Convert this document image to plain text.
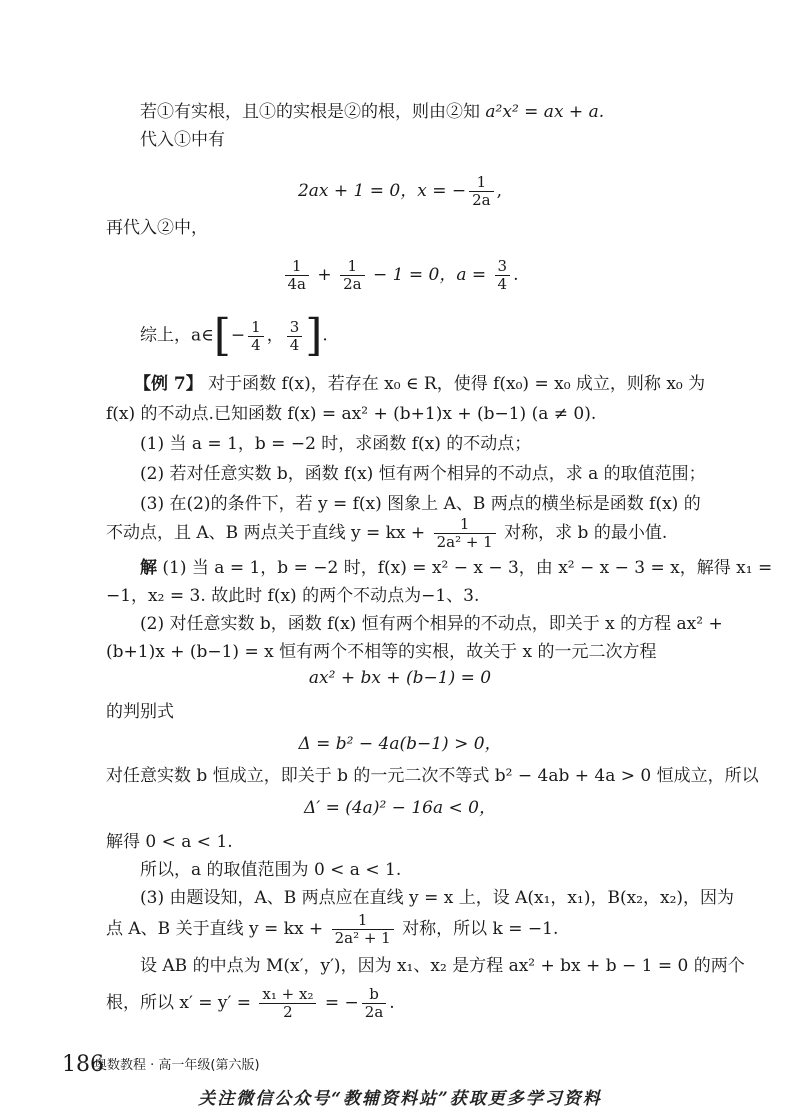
若①有实根，且①的实根是②的根，则由②知 a²x² = ax + a.
代入①中有
2ax + 1 = 0，x = − $\frac{1}{2a}$ ,
再代入②中，
$\frac{1}{4a} + \frac{1}{2a} - 1 = 0$，$a = \frac{3}{4}$ .
综上，a∈[− $\frac{1}{4}$ ， $\frac{3}{4}$ ].
【例 7】 对于函数 f(x)，若存在 x₀ ∈ R，使得 f(x₀) = x₀ 成立，则称 x₀ 为
f(x) 的不动点.已知函数 f(x) = ax² + (b+1)x + (b−1) (a ≠ 0).
(1) 当 a = 1，b = −2 时，求函数 f(x) 的不动点；
(2) 若对任意实数 b，函数 f(x) 恒有两个相异的不动点，求 a 的取值范围；
(3) 在(2)的条件下，若 y = f(x) 图象上 A、B 两点的横坐标是函数 f(x) 的
不动点，且 A、B 两点关于直线 y = kx + $\frac{1}{\text{2a² + 1}}$ 对称，求 b 的最小值.
解 (1) 当 a = 1，b = −2 时，f(x) = x² − x − 3，由 x² − x − 3 = x，解得 x₁ =
−1，x₂ = 3. 故此时 f(x) 的两个不动点为−1、3.
(2) 对任意实数 b，函数 f(x) 恒有两个相异的不动点，即关于 x 的方程 ax² +
(b+1)x + (b−1) = x 恒有两个不相等的实根，故关于 x 的一元二次方程
ax² + bx + (b−1) = 0
的判别式
Δ = b² − 4a(b−1) > 0，
对任意实数 b 恒成立，即关于 b 的一元二次不等式 b² − 4ab + 4a > 0 恒成立，所以
Δ′ = (4a)² − 16a < 0，
解得 0 < a < 1.
所以，a 的取值范围为 0 < a < 1.
(3) 由题设知，A、B 两点应在直线 y = x 上，设 A(x₁，x₁)，B(x₂，x₂)，因为
点 A、B 关于直线 y = kx + $\frac{1}{\text{2a² + 1}}$ 对称，所以 k = −1.
设 AB 的中点为 M(x′，y′)，因为 x₁、x₂ 是方程 ax² + bx + b − 1 = 0 的两个
根，所以 $x' = y' = \frac{\text{x₁ + x₂}}{2}$ = − $\frac{b}{2a}$ .
186
奥数教程 · 高一年级(第六版)
关注微信公众号“教辅资料站”获取更多学习资料
